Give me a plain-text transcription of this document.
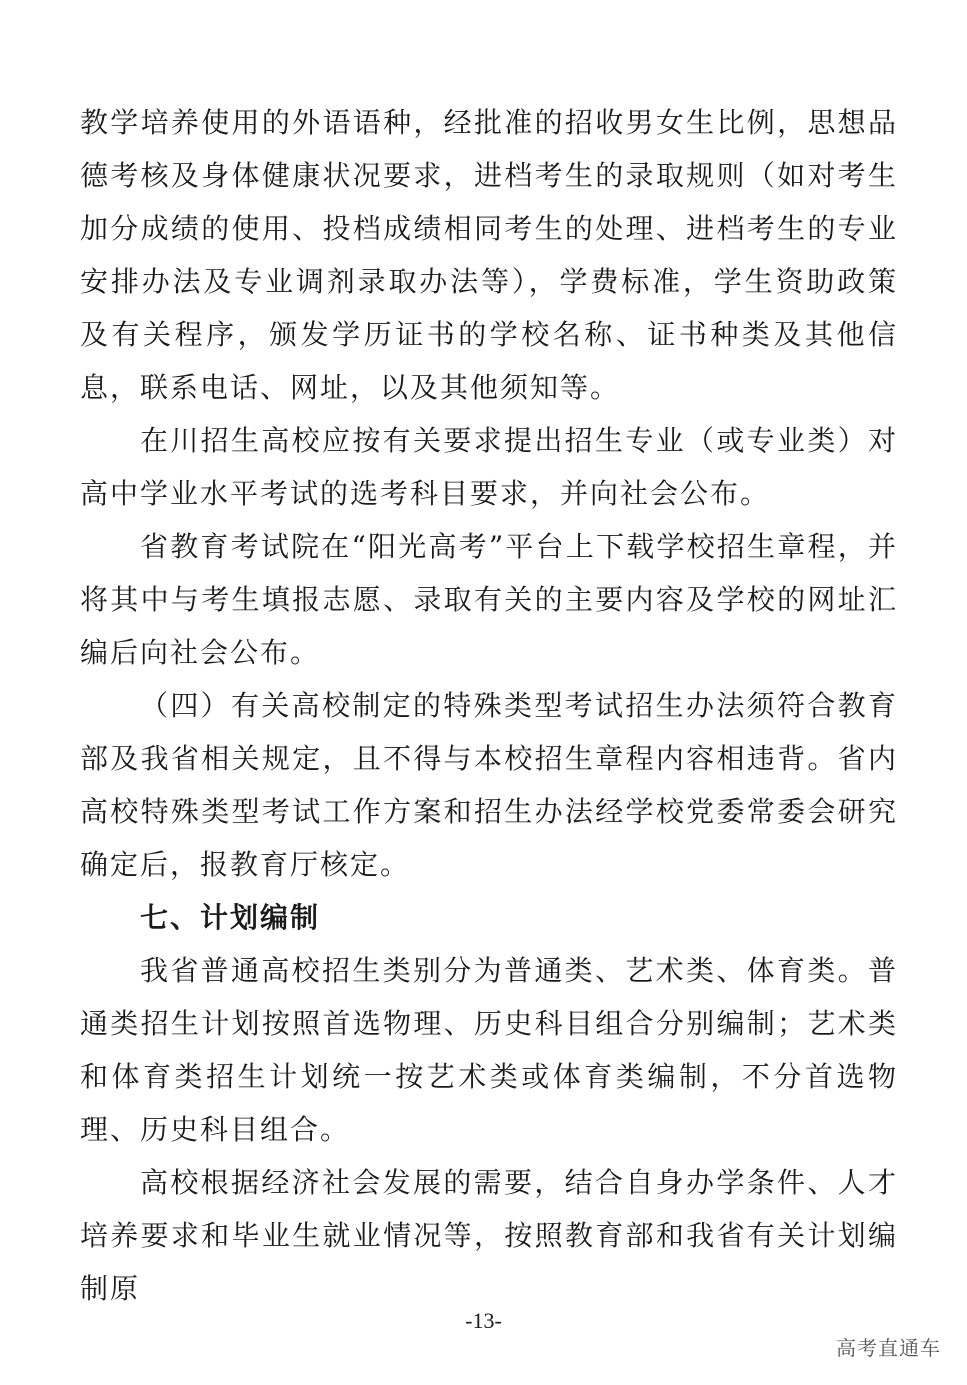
教学培养使用的外语语种，经批准的招收男女生比例，思想品德考核及身体健康状况要求，进档考生的录取规则（如对考生加分成绩的使用、投档成绩相同考生的处理、进档考生的专业安排办法及专业调剂录取办法等），学费标准，学生资助政策及有关程序，颁发学历证书的学校名称、证书种类及其他信息，联系电话、网址，以及其他须知等。

在川招生高校应按有关要求提出招生专业（或专业类）对高中学业水平考试的选考科目要求，并向社会公布。

省教育考试院在“阳光高考”平台上下载学校招生章程，并将其中与考生填报志愿、录取有关的主要内容及学校的网址汇编后向社会公布。

（四）有关高校制定的特殊类型考试招生办法须符合教育部及我省相关规定，且不得与本校招生章程内容相违背。省内高校特殊类型考试工作方案和招生办法经学校党委常委会研究确定后，报教育厅核定。

七、计划编制

我省普通高校招生类别分为普通类、艺术类、体育类。普通类招生计划按照首选物理、历史科目组合分别编制；艺术类和体育类招生计划统一按艺术类或体育类编制，不分首选物理、历史科目组合。

高校根据经济社会发展的需要，结合自身办学条件、人才培养要求和毕业生就业情况等，按照教育部和我省有关计划编制原

-13-
高考直通车
